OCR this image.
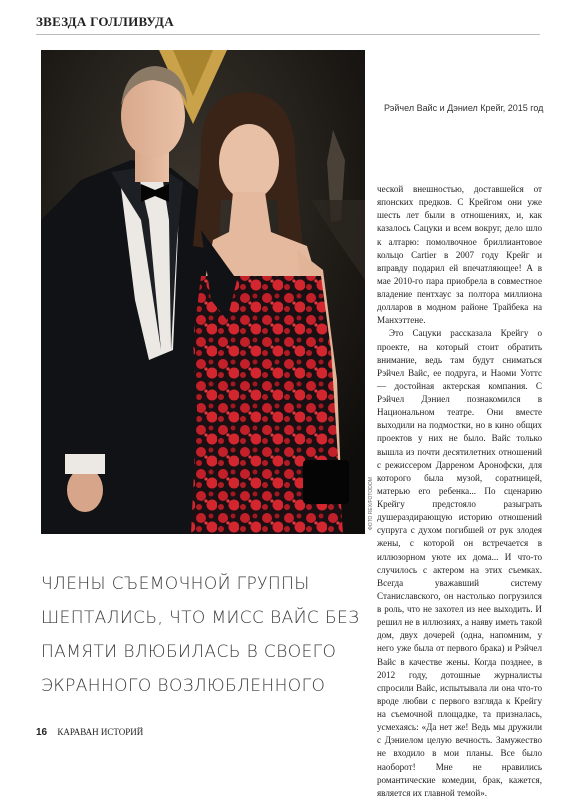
ЗВЕЗДА ГОЛЛИВУДА
ФОТО REX/FOTODOM
Рэйчел Вайс и Дэниел Крейг, 2015 год

ческой внешностью, доставшейся от японских предков. С Крейгом они уже шесть лет были в отношениях, и, как казалось Сацуки и всем вокруг, дело шло к алтарю: помолвочное бриллиантовое кольцо Cartier в 2007 году Крейг и вправду подарил ей впечатляющее! А в мае 2010-го пара приобрела в совместное владение пентхаус за полтора миллиона долларов в модном районе Трайбека на Манхэттене.

Это Сацуки рассказала Крейгу о проекте, на который стоит обратить внимание, ведь там будут сниматься Рэйчел Вайс, ее подруга, и Наоми Уоттс — достойная актерская компания. С Рэйчел Дэниел познакомился в Национальном театре. Они вместе выходили на подмостки, но в кино общих проектов у них не было. Вайс только вышла из почти десятилетних отношений с режиссером Дарреном Аронофски, для которого была музой, соратницей, матерью его ребенка... По сценарию Крейгу предстояло разыграть душераздирающую историю отношений супруга с духом погибшей от рук злодея жены, с которой он встречается в иллюзорном уюте их дома... И что-то случилось с актером на этих съемках. Всегда уважавший систему Станиславского, он настолько погрузился в роль, что не захотел из нее выходить. И решил не в иллюзиях, а наяву иметь такой дом, двух дочерей (одна, напомним, у него уже была от первого брака) и Рэйчел Вайс в качестве жены. Когда позднее, в 2012 году, дотошные журналисты спросили Вайс, испытывала ли она что-то вроде любви с первого взгляда к Крейгу на съемочной площадке, та призналась, усмехаясь: «Да нет же! Ведь мы дружили с Дэниелом целую вечность. Замужество не входило в мои планы. Все было наоборот! Мне не нравились романтические комедии, брак, кажется, является их главной темой».

ЧЛЕНЫ СЪЕМОЧНОЙ ГРУППЫ
ШЕПТАЛИСЬ, ЧТО МИСС ВАЙС БЕЗ
ПАМЯТИ ВЛЮБИЛАСЬ В СВОЕГО
ЭКРАННОГО ВОЗЛЮБЛЕННОГО
16 КАРАВАН ИСТОРИЙ
